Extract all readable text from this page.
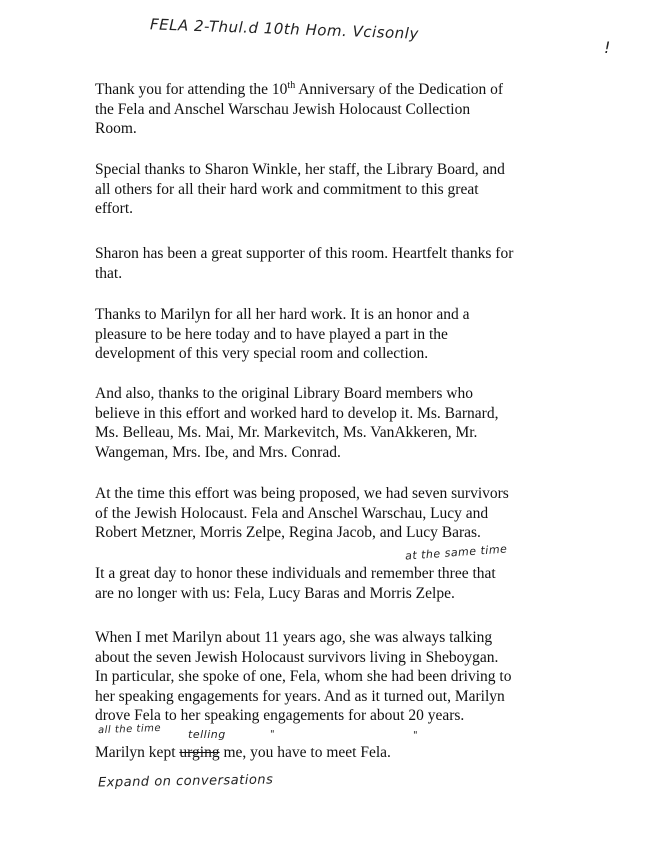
FELA 2-Thul.d 10th Hom. Vcisonly
!

Thank you for attending the 10th Anniversary of the Dedication of
the Fela and Anschel Warschau Jewish Holocaust Collection
Room.

Special thanks to Sharon Winkle, her staff, the Library Board, and
all others for all their hard work and commitment to this great
effort.

Sharon has been a great supporter of this room. Heartfelt thanks for
that.

Thanks to Marilyn for all her hard work. It is an honor and a
pleasure to be here today and to have played a part in the
development of this very special room and collection.

And also, thanks to the original Library Board members who
believe in this effort and worked hard to develop it. Ms. Barnard,
Ms. Belleau, Ms. Mai, Mr. Markevitch, Ms. VanAkkeren, Mr.
Wangeman, Mrs. Ibe, and Mrs. Conrad.

At the time this effort was being proposed, we had seven survivors
of the Jewish Holocaust. Fela and Anschel Warschau, Lucy and
Robert Metzner, Morris Zelpe, Regina Jacob, and Lucy Baras.

at the same time

It a great day to honor these individuals and remember three that
are no longer with us: Fela, Lucy Baras and Morris Zelpe.

When I met Marilyn about 11 years ago, she was always talking
about the seven Jewish Holocaust survivors living in Sheboygan.
In particular, she spoke of one, Fela, whom she had been driving to
her speaking engagements for years. And as it turned out, Marilyn
drove Fela to her speaking engagements for about 20 years.

all the time telling	"	"

Marilyn kept urging me, you have to meet Fela.

Expand on conversations
